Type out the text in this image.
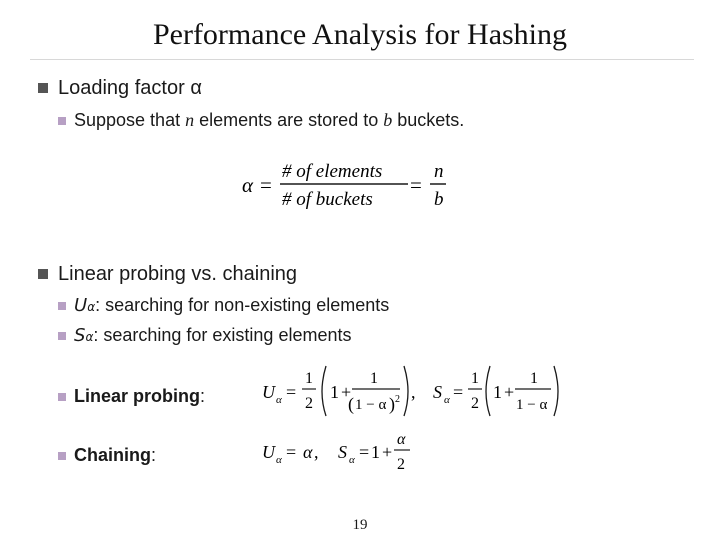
Performance Analysis for Hashing
Loading factor
α
Suppose that
n
elements are stored to
b
buckets.
α =
# of elements
# of buckets
=
n
b
Linear probing vs. chaining
U α : searching for non-existing elements
S α : searching for existing elements
Linear probing :	U α =
1
2
1 +
1
( 1 − α ) 2 , S α =
1
2
1 +
1
1 − α
Chaining :	U α = α , S α = 1 +
α
2
19
